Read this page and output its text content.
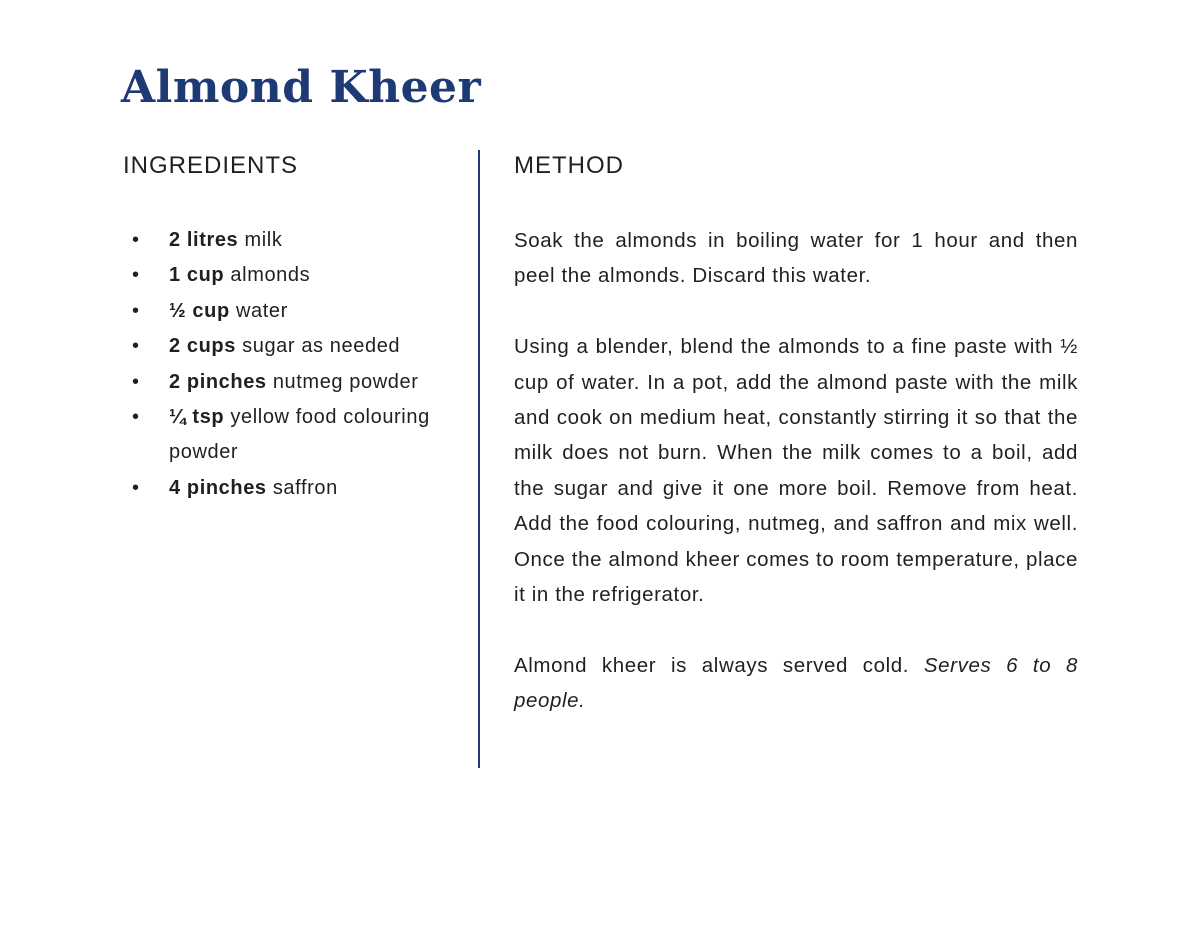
Almond Kheer
INGREDIENTS	METHOD
• 2 litres milk
• 1 cup almonds
• ½ cup water
• 2 cups sugar as needed
• 2 pinches nutmeg powder
• ¼ tsp yellow food colouring powder
• 4 pinches saffron

Soak the almonds in boiling water for 1 hour and then peel the almonds. Discard this water.

Using a blender, blend the almonds to a fine paste with ½ cup of water. In a pot, add the almond paste with the milk and cook on medium heat, constantly stirring it so that the milk does not burn. When the milk comes to a boil, add the sugar and give it one more boil. Remove from heat. Add the food colouring, nutmeg, and saffron and mix well. Once the almond kheer comes to room temperature, place it in the refrigerator.

Almond kheer is always served cold. Serves 6 to 8 people.
